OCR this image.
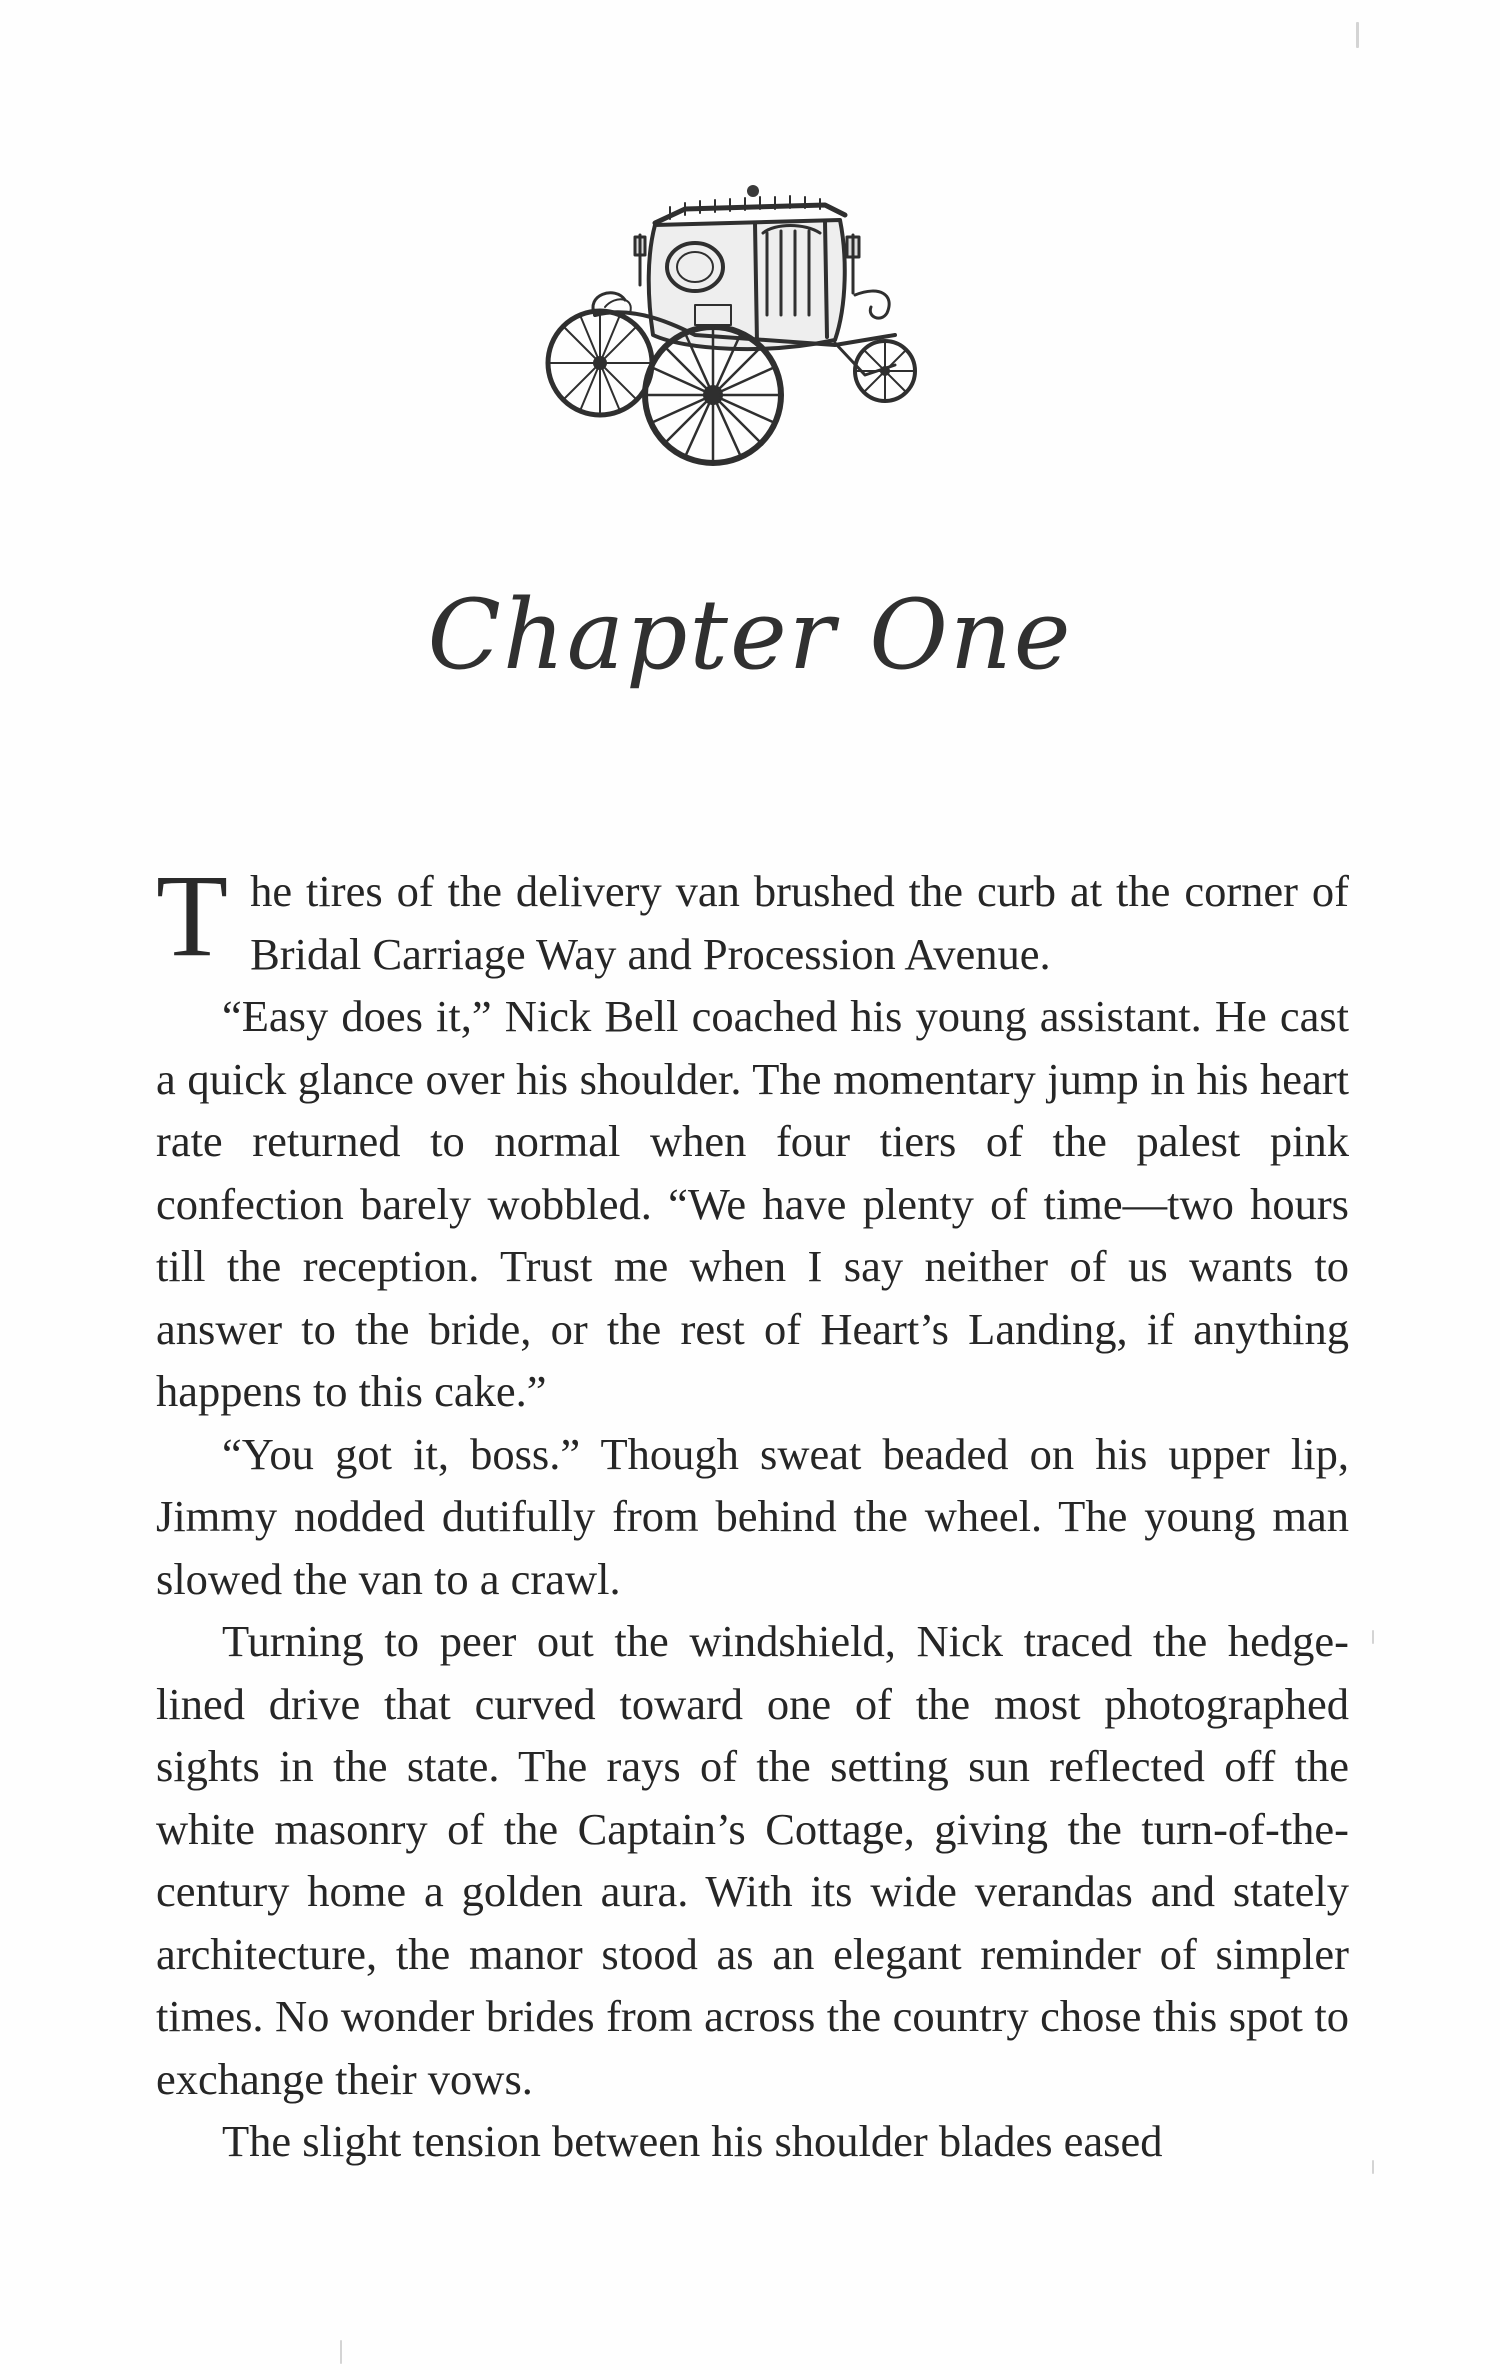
Chapter One

The tires of the delivery van brushed the curb at the corner of Bridal Carriage Way and Procession Avenue.

“Easy does it,” Nick Bell coached his young assistant. He cast a quick glance over his shoulder. The momentary jump in his heart rate returned to normal when four tiers of the palest pink confection barely wobbled. “We have plenty of time—two hours till the reception. Trust me when I say neither of us wants to answer to the bride, or the rest of Heart’s Landing, if anything happens to this cake.”

“You got it, boss.” Though sweat beaded on his upper lip, Jimmy nodded dutifully from behind the wheel. The young man slowed the van to a crawl.

Turning to peer out the windshield, Nick traced the hedge-lined drive that curved toward one of the most photographed sights in the state. The rays of the setting sun reflected off the white masonry of the Captain’s Cottage, giving the turn-of-the-century home a golden aura. With its wide verandas and stately architecture, the manor stood as an elegant reminder of simpler times. No wonder brides from across the country chose this spot to exchange their vows.

The slight tension between his shoulder blades eased
